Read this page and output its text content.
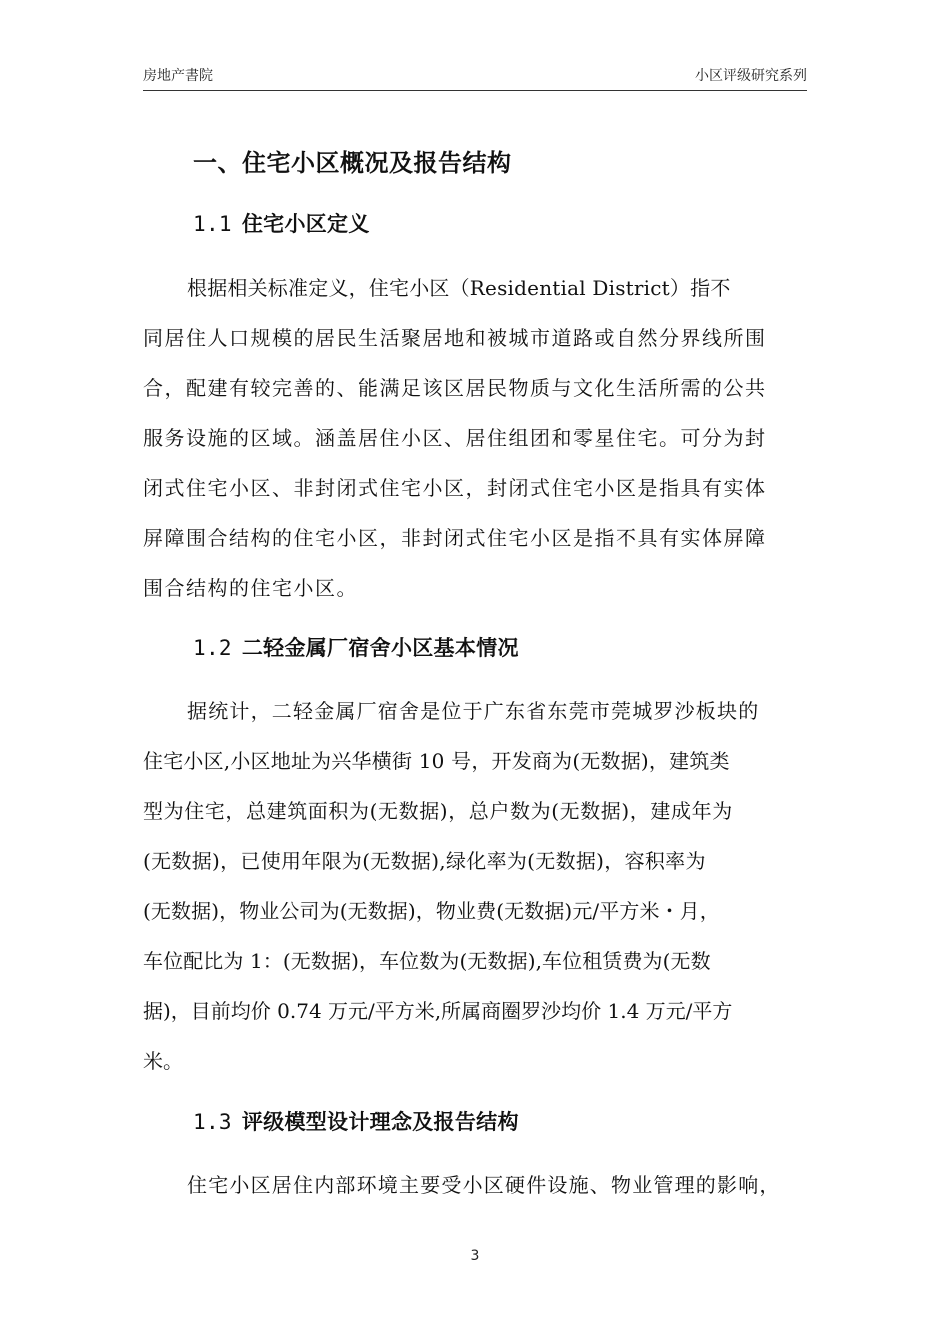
房地产書院	小区评级研究系列
一、住宅小区概况及报告结构
1.1 住宅小区定义
根据相关标准定义，住宅小区（Residential District）指不
同居住人口规模的居民生活聚居地和被城市道路或自然分界线所围
合，配建有较完善的、能满足该区居民物质与文化生活所需的公共
服务设施的区域。涵盖居住小区、居住组团和零星住宅。可分为封
闭式住宅小区、非封闭式住宅小区，封闭式住宅小区是指具有实体
屏障围合结构的住宅小区，非封闭式住宅小区是指不具有实体屏障
围合结构的住宅小区。
1.2 二轻金属厂宿舍小区基本情况
据统计，二轻金属厂宿舍是位于广东省东莞市莞城罗沙板块的
住宅小区,小区地址为兴华横街 10 号，开发商为(无数据)，建筑类
型为住宅，总建筑面积为(无数据)，总户数为(无数据)，建成年为
(无数据)，已使用年限为(无数据),绿化率为(无数据)，容积率为
(无数据)，物业公司为(无数据)，物业费(无数据)元/平方米・月，
车位配比为 1：(无数据)，车位数为(无数据),车位租赁费为(无数
据)，目前均价 0.74 万元/平方米,所属商圈罗沙均价 1.4 万元/平方
米。
1.3 评级模型设计理念及报告结构
住宅小区居住内部环境主要受小区硬件设施、物业管理的影响，
3
